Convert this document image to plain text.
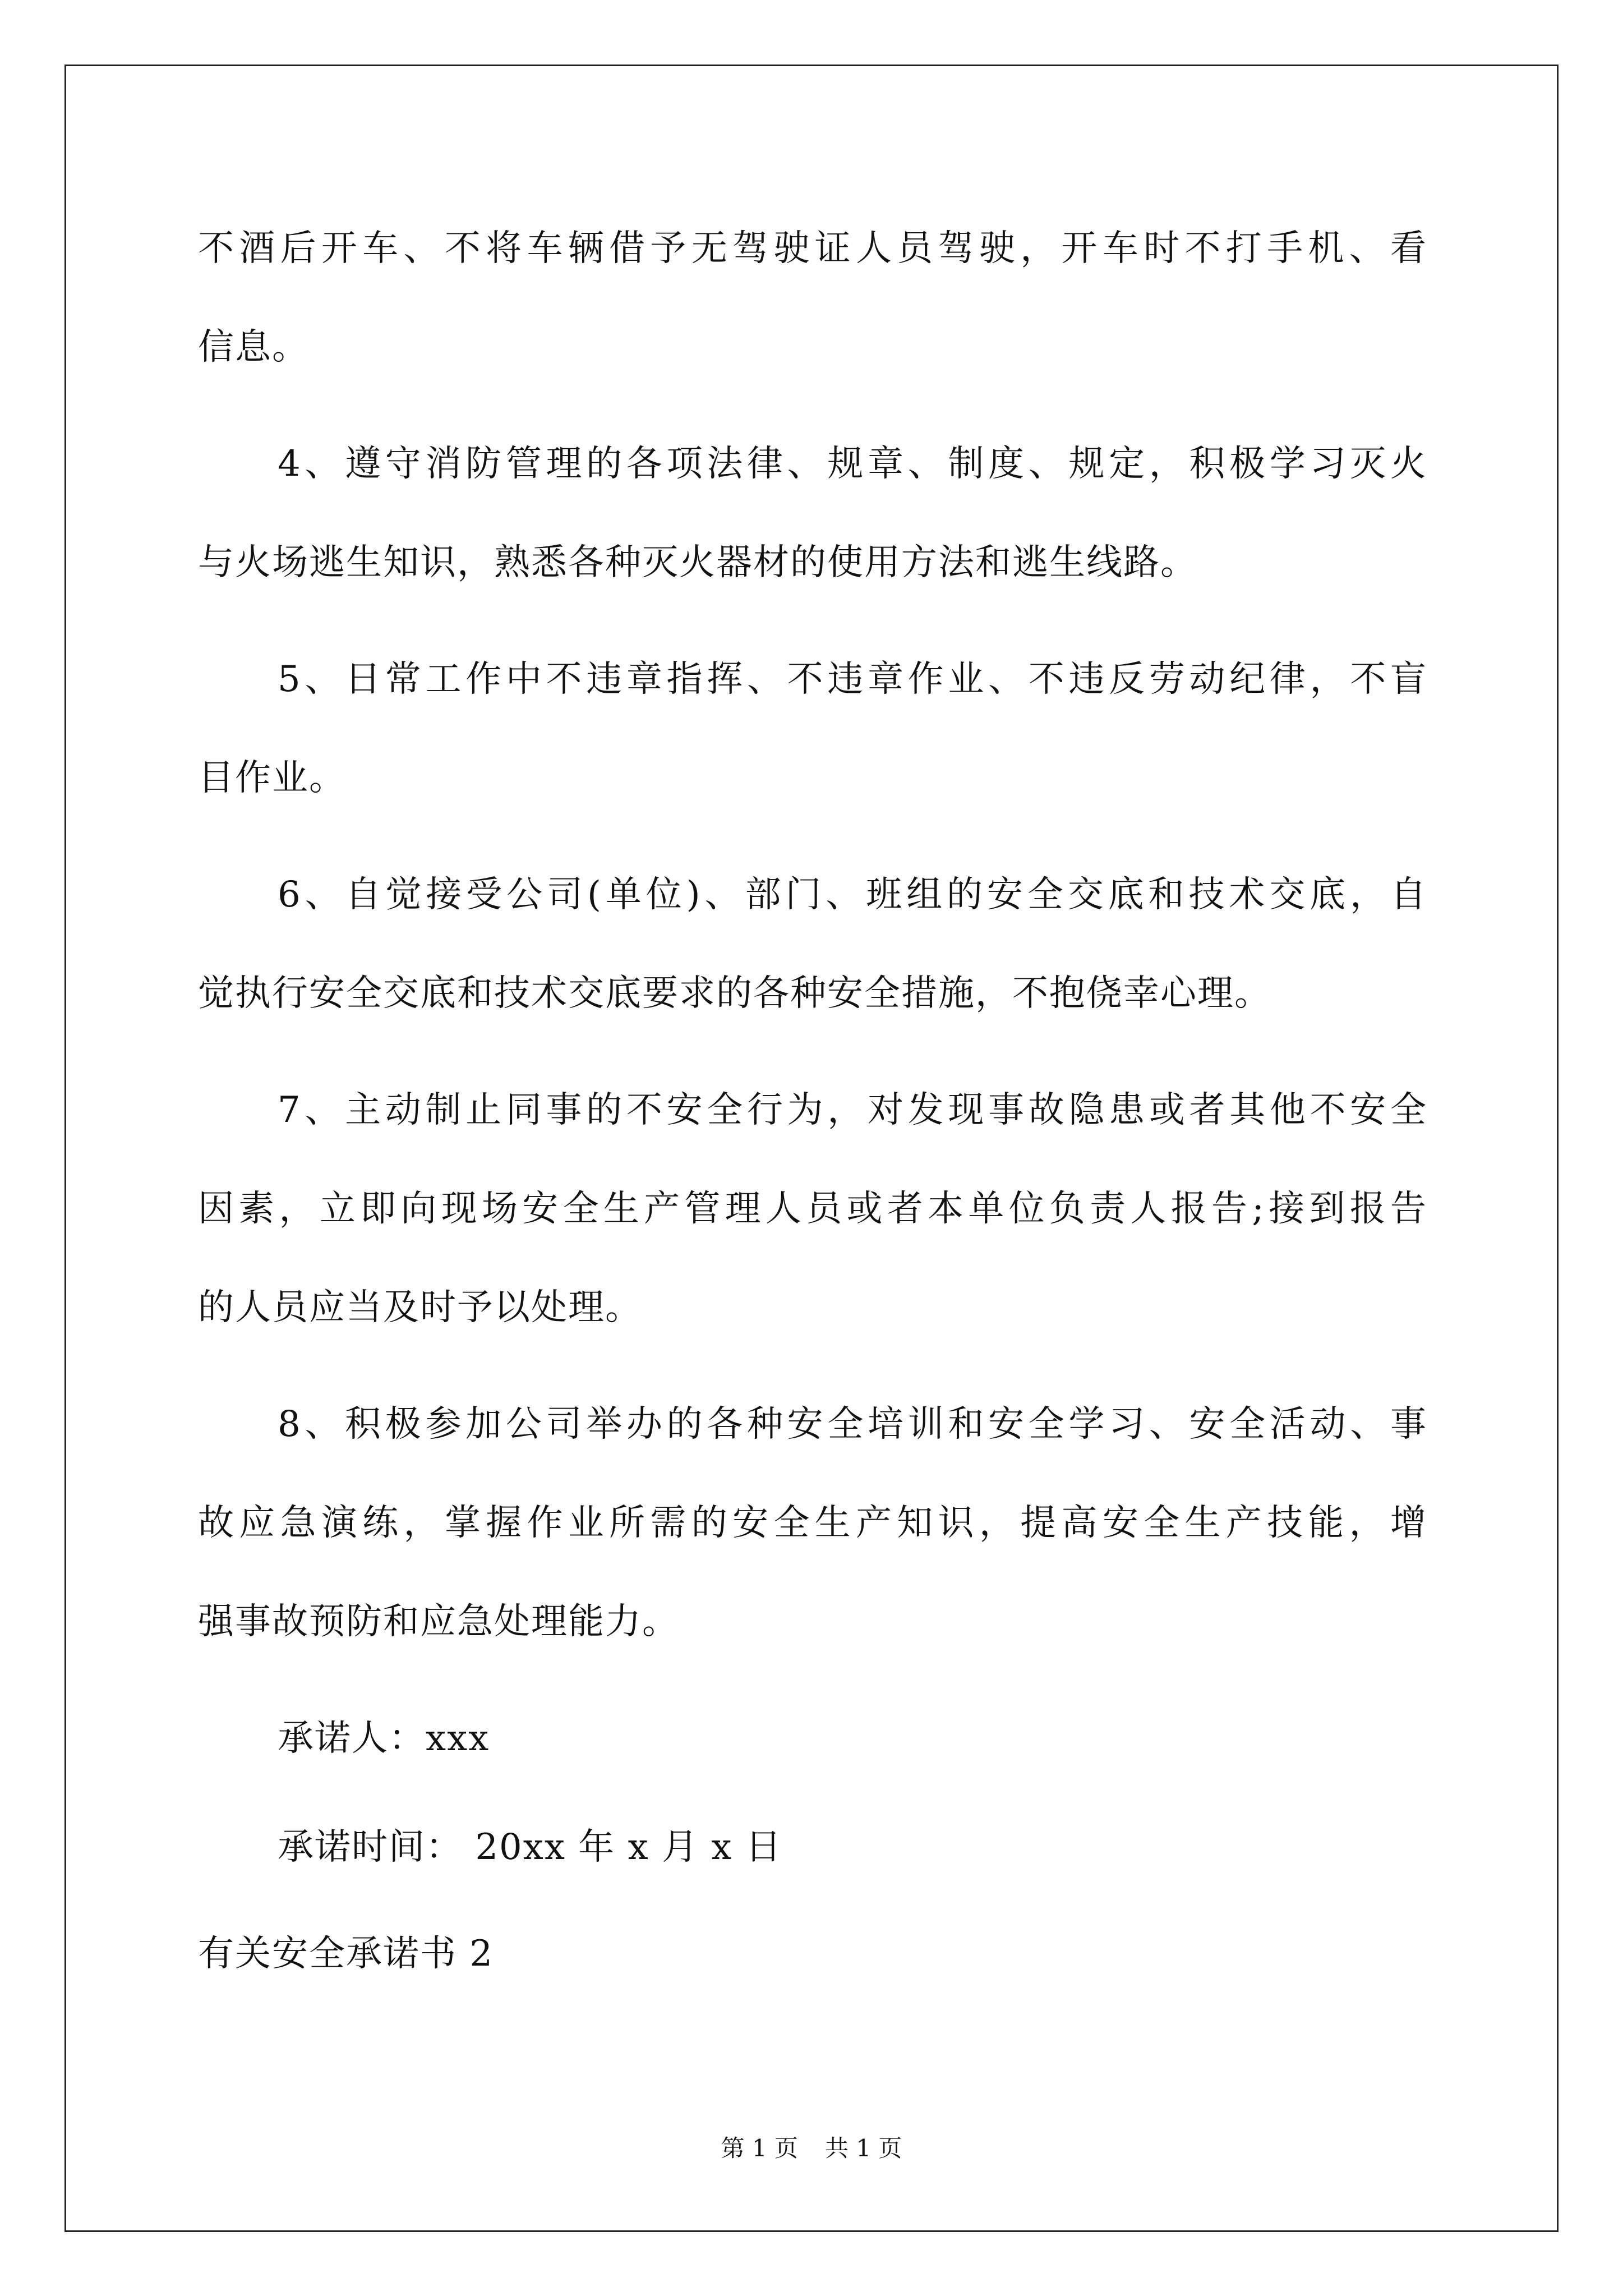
不酒后开车、不将车辆借予无驾驶证人员驾驶，开车时不打手机、看
信息。
4、遵守消防管理的各项法律、规章、制度、规定，积极学习灭火
与火场逃生知识，熟悉各种灭火器材的使用方法和逃生线路。
5、日常工作中不违章指挥、不违章作业、不违反劳动纪律，不盲
目作业。
6、自觉接受公司(单位)、部门、班组的安全交底和技术交底，自
觉执行安全交底和技术交底要求的各种安全措施，不抱侥幸心理。
7、主动制止同事的不安全行为，对发现事故隐患或者其他不安全
因素，立即向现场安全生产管理人员或者本单位负责人报告;接到报告
的人员应当及时予以处理。
8、积极参加公司举办的各种安全培训和安全学习、安全活动、事
故应急演练，掌握作业所需的安全生产知识，提高安全生产技能，增
强事故预防和应急处理能力。
承诺人：xxx
承诺时间： 20xx 年 x 月 x 日
有关安全承诺书 2
第 1 页 共 1 页
